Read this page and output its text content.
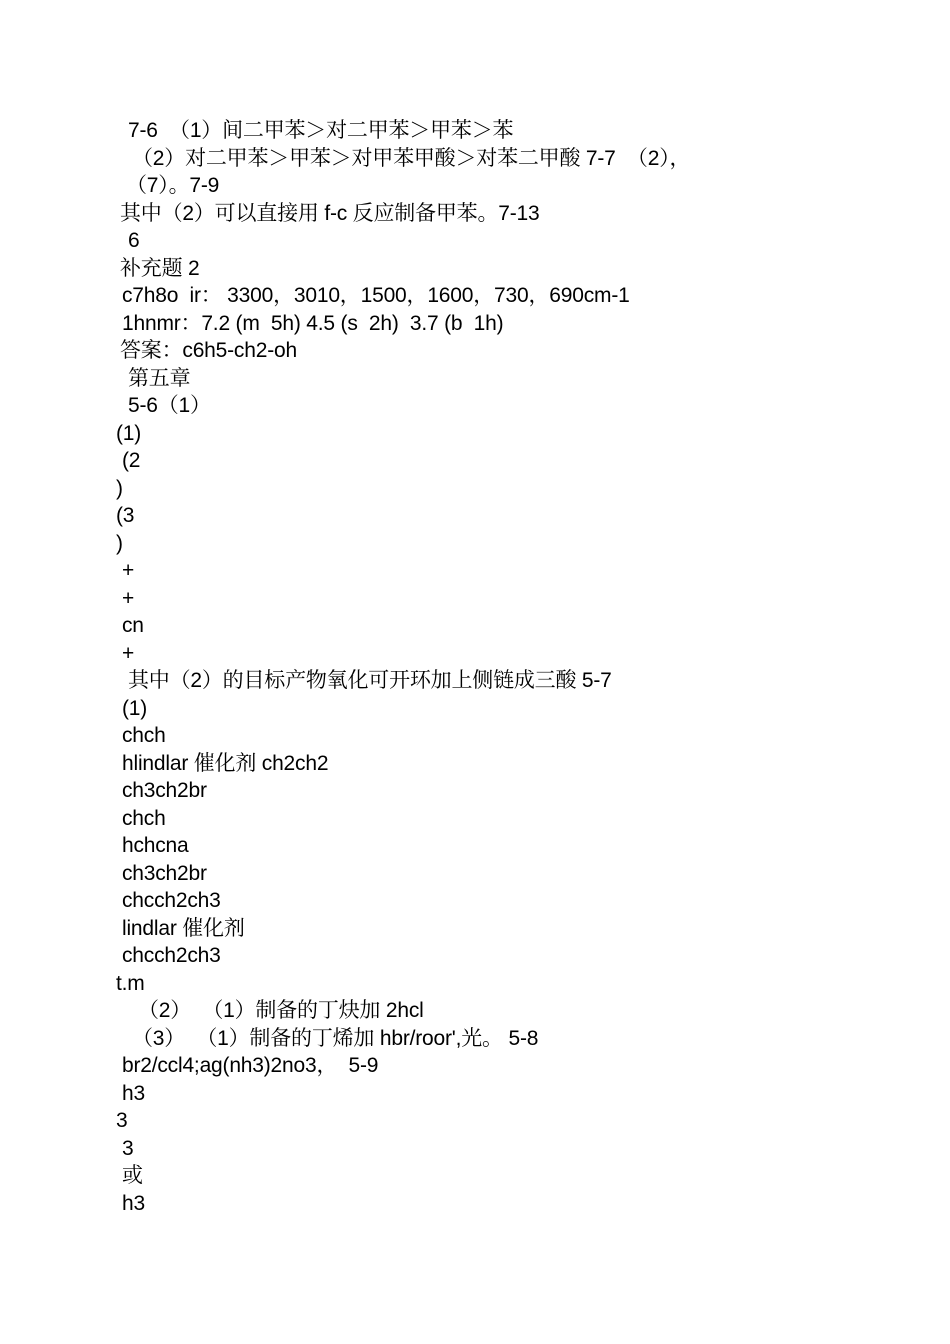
7-6  （1）间二甲苯＞对二甲苯＞甲苯＞苯
（2）对二甲苯＞甲苯＞对甲苯甲酸＞对苯二甲酸 7-7  （2），
（7）。7-9
其中（2）可以直接用 f-c 反应制备甲苯。7-13
6
补充题 2
c7h8o  ir： 3300，3010，1500，1600，730，690cm-1
1hnmr：7.2 (m  5h) 4.5 (s  2h)  3.7 (b  1h)
答案：c6h5-ch2-oh
第五章
5-6（1）
(1)
(2
)
(3
)
+
+
cn
+
其中（2）的目标产物氧化可开环加上侧链成三酸 5-7
(1)
chch
hlindlar 催化剂 ch2ch2
ch3ch2br
chch
hchcna
ch3ch2br
chcch2ch3
lindlar 催化剂
chcch2ch3
t.m
（2）  （1）制备的丁炔加 2hcl
（3）  （1）制备的丁烯加 hbr/roor',光。 5-8
br2/ccl4;ag(nh3)2no3，  5-9
h3
3
3
或
h3
